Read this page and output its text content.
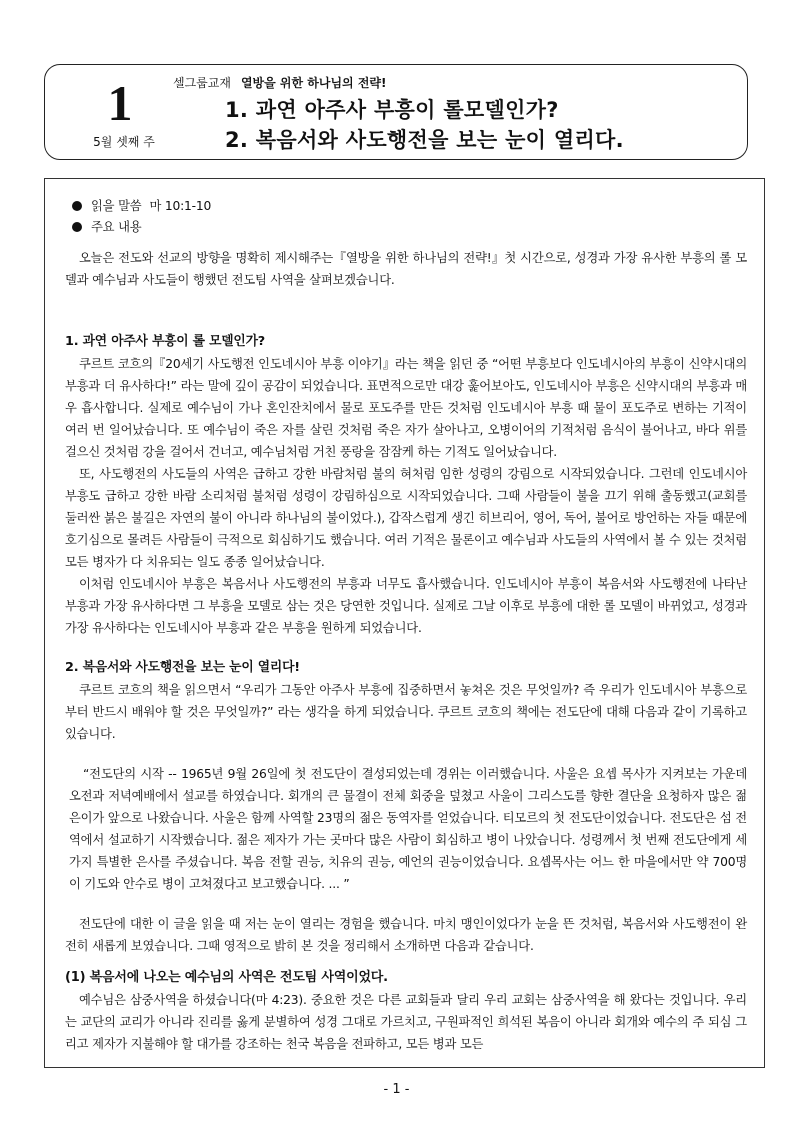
1
5월 셋째 주
셀그룹교재 열방을 위한 하나님의 전략!
1. 과연 아주사 부흥이 롤모델인가?
2. 복음서와 사도행전을 보는 눈이 열리다.
읽을 말씀 마 10:1-10
주요 내용

오늘은 전도와 선교의 방향을 명확히 제시해주는『열방을 위한 하나님의 전략!』첫 시간으로, 성경과 가장 유사한 부흥의 롤 모델과 예수님과 사도들이 행했던 전도팀 사역을 살펴보겠습니다.

1. 과연 아주사 부흥이 롤 모델인가?

쿠르트 코흐의『20세기 사도행전 인도네시아 부흥 이야기』라는 책을 읽던 중 “어떤 부흥보다 인도네시아의 부흥이 신약시대의 부흥과 더 유사하다!” 라는 말에 깊이 공감이 되었습니다. 표면적으로만 대강 훑어보아도, 인도네시아 부흥은 신약시대의 부흥과 매우 흡사합니다. 실제로 예수님이 가나 혼인잔치에서 물로 포도주를 만든 것처럼 인도네시아 부흥 때 물이 포도주로 변하는 기적이 여러 번 일어났습니다. 또 예수님이 죽은 자를 살린 것처럼 죽은 자가 살아나고, 오병이어의 기적처럼 음식이 불어나고, 바다 위를 걸으신 것처럼 강을 걸어서 건너고, 예수님처럼 거친 풍랑을 잠잠케 하는 기적도 일어났습니다.

또, 사도행전의 사도들의 사역은 급하고 강한 바람처럼 불의 혀처럼 임한 성령의 강림으로 시작되었습니다. 그런데 인도네시아 부흥도 급하고 강한 바람 소리처럼 불처럼 성령이 강림하심으로 시작되었습니다. 그때 사람들이 불을 끄기 위해 출동했고(교회를 둘러싼 붉은 불길은 자연의 불이 아니라 하나님의 불이었다.), 갑작스럽게 생긴 히브리어, 영어, 독어, 불어로 방언하는 자들 때문에 호기심으로 몰려든 사람들이 극적으로 회심하기도 했습니다. 여러 기적은 물론이고 예수님과 사도들의 사역에서 볼 수 있는 것처럼 모든 병자가 다 치유되는 일도 종종 일어났습니다.

이처럼 인도네시아 부흥은 복음서나 사도행전의 부흥과 너무도 흡사했습니다. 인도네시아 부흥이 복음서와 사도행전에 나타난 부흥과 가장 유사하다면 그 부흥을 모델로 삼는 것은 당연한 것입니다. 실제로 그날 이후로 부흥에 대한 롤 모델이 바뀌었고, 성경과 가장 유사하다는 인도네시아 부흥과 같은 부흥을 원하게 되었습니다.

2. 복음서와 사도행전을 보는 눈이 열리다!

쿠르트 코흐의 책을 읽으면서 “우리가 그동안 아주사 부흥에 집중하면서 놓쳐온 것은 무엇일까? 즉 우리가 인도네시아 부흥으로부터 반드시 배워야 할 것은 무엇일까?” 라는 생각을 하게 되었습니다. 쿠르트 코흐의 책에는 전도단에 대해 다음과 같이 기록하고 있습니다.

“전도단의 시작 -- 1965년 9월 26일에 첫 전도단이 결성되었는데 경위는 이러했습니다. 사울은 요셉 목사가 지켜보는 가운데 오전과 저녁예배에서 설교를 하였습니다. 회개의 큰 물결이 전체 회중을 덮쳤고 사울이 그리스도를 향한 결단을 요청하자 많은 젊은이가 앞으로 나왔습니다. 사울은 함께 사역할 23명의 젊은 동역자를 얻었습니다. 티모르의 첫 전도단이었습니다. 전도단은 섬 전역에서 설교하기 시작했습니다. 젊은 제자가 가는 곳마다 많은 사람이 회심하고 병이 나았습니다. 성령께서 첫 번째 전도단에게 세 가지 특별한 은사를 주셨습니다. 복음 전할 권능, 치유의 권능, 예언의 권능이었습니다. 요셉목사는 어느 한 마을에서만 약 700명이 기도와 안수로 병이 고쳐졌다고 보고했습니다. ... ”

전도단에 대한 이 글을 읽을 때 저는 눈이 열리는 경험을 했습니다. 마치 맹인이었다가 눈을 뜬 것처럼, 복음서와 사도행전이 완전히 새롭게 보였습니다. 그때 영적으로 밝히 본 것을 정리해서 소개하면 다음과 같습니다.

(1) 복음서에 나오는 예수님의 사역은 전도팀 사역이었다.

예수님은 삼중사역을 하셨습니다(마 4:23). 중요한 것은 다른 교회들과 달리 우리 교회는 삼중사역을 해 왔다는 것입니다. 우리는 교단의 교리가 아니라 진리를 옳게 분별하여 성경 그대로 가르치고, 구원파적인 희석된 복음이 아니라 회개와 예수의 주 되심 그리고 제자가 지불해야 할 대가를 강조하는 천국 복음을 전파하고, 모든 병과 모든

- 1 -
